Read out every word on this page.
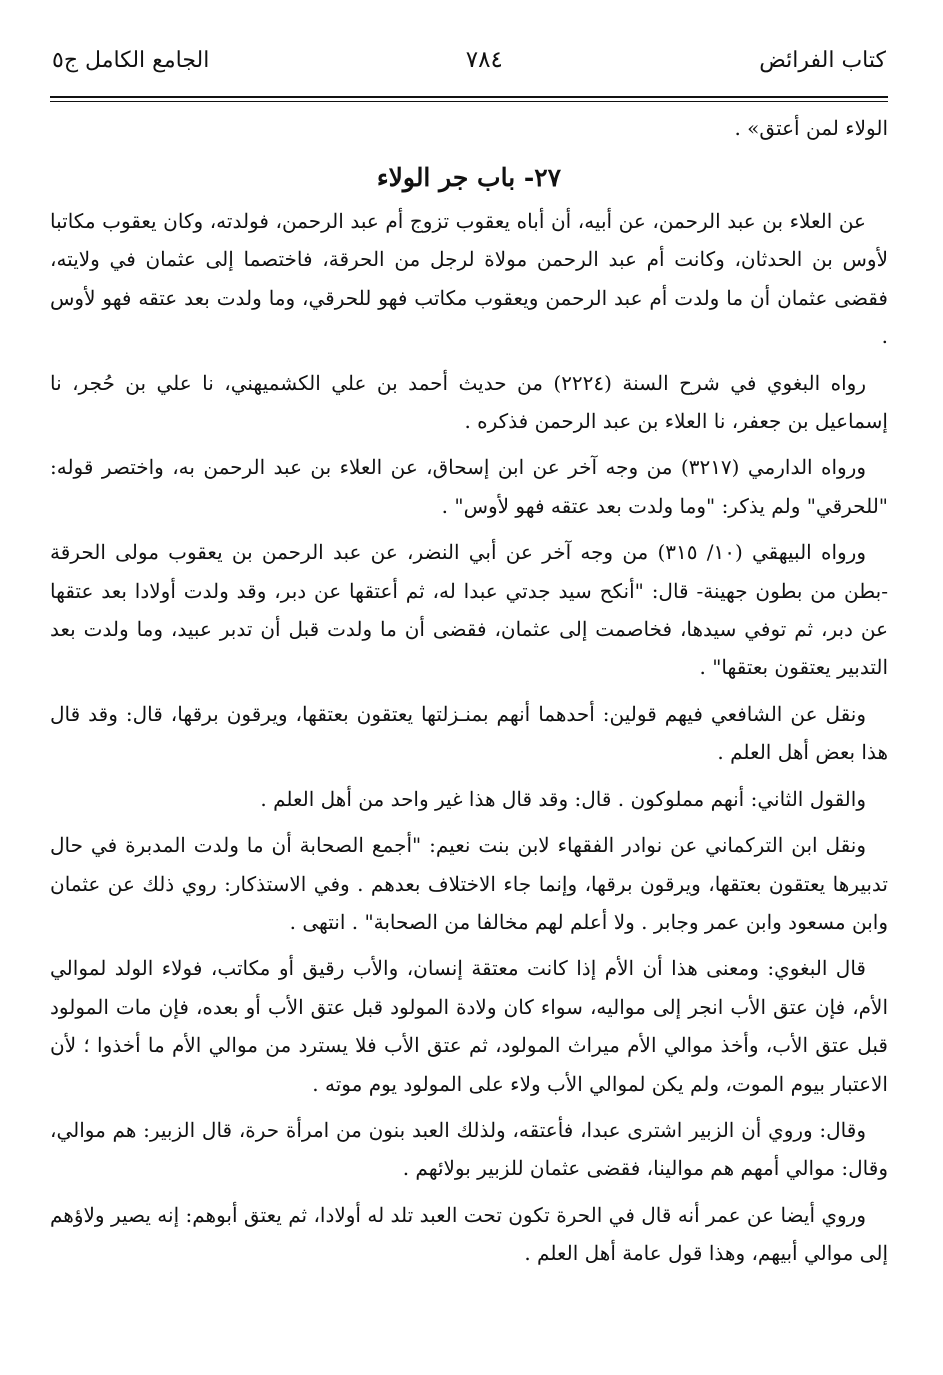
كتاب الفرائض
٧٨٤
الجامع الكامل ج٥
الولاء لمن أعتق» .
٢٧- باب جر الولاء

عن العلاء بن عبد الرحمن، عن أبيه، أن أباه يعقوب تزوج أم عبد الرحمن، فولدته، وكان يعقوب مكاتبا لأوس بن الحدثان، وكانت أم عبد الرحمن مولاة لرجل من الحرقة، فاختصما إلى عثمان في ولايته، فقضى عثمان أن ما ولدت أم عبد الرحمن ويعقوب مكاتب فهو للحرقي، وما ولدت بعد عتقه فهو لأوس .

رواه البغوي في شرح السنة (٢٢٢٤) من حديث أحمد بن علي الكشميهني، نا علي بن حُجر، نا إسماعيل بن جعفر، نا العلاء بن عبد الرحمن فذكره .

ورواه الدارمي (٣٢١٧) من وجه آخر عن ابن إسحاق، عن العلاء بن عبد الرحمن به، واختصر قوله: "للحرقي" ولم يذكر: "وما ولدت بعد عتقه فهو لأوس" .

ورواه البيهقي (١٠/ ٣١٥) من وجه آخر عن أبي النضر، عن عبد الرحمن بن يعقوب مولى الحرقة -بطن من بطون جهينة- قال: "أنكح سيد جدتي عبدا له، ثم أعتقها عن دبر، وقد ولدت أولادا بعد عتقها عن دبر، ثم توفي سيدها، فخاصمت إلى عثمان، فقضى أن ما ولدت قبل أن تدبر عبيد، وما ولدت بعد التدبير يعتقون بعتقها" .

ونقل عن الشافعي فيهم قولين: أحدهما أنهم بمنـزلتها يعتقون بعتقها، ويرقون برقها، قال: وقد قال هذا بعض أهل العلم .

والقول الثاني: أنهم مملوكون . قال: وقد قال هذا غير واحد من أهل العلم .

ونقل ابن التركماني عن نوادر الفقهاء لابن بنت نعيم: "أجمع الصحابة أن ما ولدت المدبرة في حال تدبيرها يعتقون بعتقها، ويرقون برقها، وإنما جاء الاختلاف بعدهم . وفي الاستذكار: روي ذلك عن عثمان وابن مسعود وابن عمر وجابر . ولا أعلم لهم مخالفا من الصحابة" . انتهى .

قال البغوي: ومعنى هذا أن الأم إذا كانت معتقة إنسان، والأب رقيق أو مكاتب، فولاء الولد لموالي الأم، فإن عتق الأب انجر إلى مواليه، سواء كان ولادة المولود قبل عتق الأب أو بعده، فإن مات المولود قبل عتق الأب، وأخذ موالي الأم ميراث المولود، ثم عتق الأب فلا يسترد من موالي الأم ما أخذوا ؛ لأن الاعتبار بيوم الموت، ولم يكن لموالي الأب ولاء على المولود يوم موته .

وقال: وروي أن الزبير اشترى عبدا، فأعتقه، ولذلك العبد بنون من امرأة حرة، قال الزبير: هم موالي، وقال: موالي أمهم هم موالينا، فقضى عثمان للزبير بولائهم .

وروي أيضا عن عمر أنه قال في الحرة تكون تحت العبد تلد له أولادا، ثم يعتق أبوهم: إنه يصير ولاؤهم إلى موالي أبيهم، وهذا قول عامة أهل العلم .
